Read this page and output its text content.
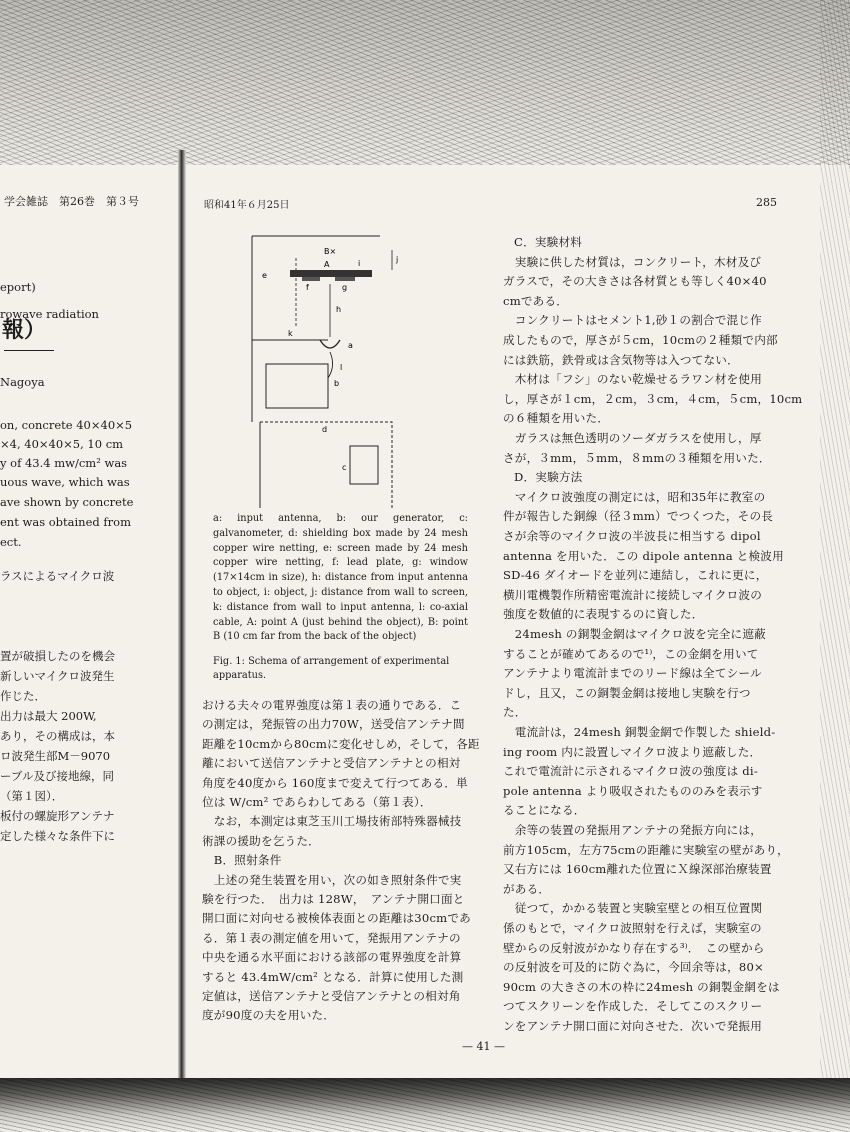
学会雑誌　第26巻　第３号
報）
eport)
rowave radiation
Nagoya
on, concrete 40×40×5
×4, 40×40×5, 10 cm
y of 43.4 mw/cm² was
uous wave, which was
ave shown by concrete
ent was obtained from
ect.
ラスによるマイクロ波
置が破損したのを機会
新しいマイクロ波発生
作じた．
出力は最大 200W,
あり，その構成は，本
ロ波発生部M－9070
ーブル及び接地線，同
（第１図）．
板付の螺旋形アンテナ
定した様々な条件下に
昭和41年６月25日	285
B×
A
e
i	j
f	g
h
k
a
l
b
d
c
a: input antenna, b: our generator, c: galvanometer, d: shielding box made by 24 mesh copper wire netting, e: screen made by 24 mesh copper wire netting, f: lead plate, g: window (17×14cm in size), h: distance from input antenna to object, i: object, j: distance from wall to screen, k: distance from wall to input antenna, l: co-axial cable, A: point A (just behind the object), B: point B (10 cm far from the back of the object)
Fig. 1: Schema of arrangement of experimental apparatus.
おける夫々の電界強度は第１表の通りである．こ
の測定は，発振管の出力70W，送受信アンテナ間
距離を10cmから80cmに変化せしめ，そして，各距
離において送信アンテナと受信アンテナとの相対
角度を40度から 160度まで変えて行つてある．単
位は W/cm² であらわしてある（第１表）．
　なお，本測定は東芝玉川工場技術部特殊器械技
術課の援助を乞うた．
　B．照射条件
　上述の発生装置を用い，次の如き照射条件で実
験を行つた．　出力は 128W，　アンテナ開口面と
開口面に対向せる被検体表面との距離は30cmであ
る．第１表の測定値を用いて，発振用アンテナの
中央を通る水平面における該部の電界強度を計算
すると 43.4mW/cm² となる．計算に使用した測
定値は，送信アンテナと受信アンテナとの相対角
度が90度の夫を用いた．
C．実験材料
　実験に供した材質は，コンクリート，木材及び
ガラスで，その大きさは各材質とも等しく40×40
cmである．
　コンクリートはセメント1,砂１の割合で混じ作
成したもので，厚さが５cm，10cmの２種類で内部
には鉄筋，鉄骨或は含気物等は入つてない．
　木材は「フシ」のない乾燥せるラワン材を使用
し，厚さが１cm，２cm，３cm，４cm，５cm，10cm
の６種類を用いた．
　ガラスは無色透明のソーダガラスを使用し，厚
さが，３mm，５mm，８mmの３種類を用いた．
D．実験方法
　マイクロ波強度の測定には，昭和35年に教室の
件が報告した銅線（径３mm）でつくつた，その長
さが余等のマイクロ波の半波長に相当する dipol
antenna を用いた．この dipole antenna と検波用
SD-46 ダイオードを並列に連結し，これに更に，
横川電機製作所精密電流計に接続しマイクロ波の
強度を数値的に表現するのに資した．
　24mesh の銅製金網はマイクロ波を完全に遮蔽
することが確めてあるので¹⁾，この金網を用いて
アンテナより電流計までのリード線は全てシール
ドし，且又，この銅製金網は接地し実験を行つ
た．
　電流計は，24mesh 銅製金網で作製した shield-
ing room 内に設置しマイクロ波より遮蔽した．
これで電流計に示されるマイクロ波の強度は di-
pole antenna より吸収されたもののみを表示す
ることになる．
　余等の装置の発振用アンテナの発振方向には，
前方105cm，左方75cmの距離に実験室の壁があり，
又右方には 160cm離れた位置にＸ線深部治療装置
がある．
　従つて，かかる装置と実験室壁との相互位置関
係のもとで，マイクロ波照射を行えば，実験室の
壁からの反射波がかなり存在する³⁾．　この壁から
の反射波を可及的に防ぐ為に，今回余等は，80×
90cm の大きさの木の枠に24mesh の銅製金網をは
つてスクリーンを作成した．そしてこのスクリー
ンをアンテナ開口面に対向させた．次いで発振用
— 41 —
